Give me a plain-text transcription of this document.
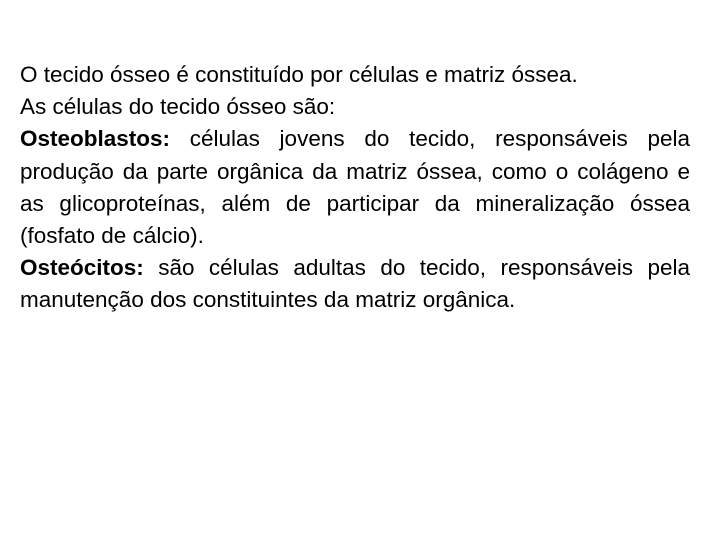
O tecido ósseo é constituído por células e matriz óssea.

As células do tecido ósseo são:

Osteoblastos: células jovens do tecido, responsáveis pela produção da parte orgânica da matriz óssea, como o colágeno e as glicoproteínas, além de participar da mineralização óssea (fosfato de cálcio).

Osteócitos: são células adultas do tecido, responsáveis pela manutenção dos constituintes da matriz orgânica.
